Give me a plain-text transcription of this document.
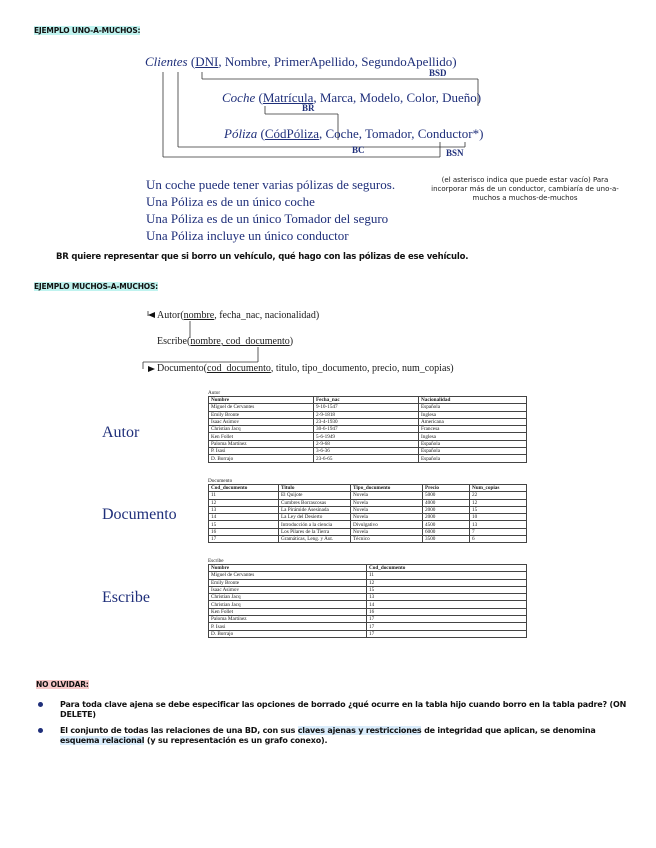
EJEMPLO UNO-A-MUCHOS:
Clientes (DNI, Nombre, PrimerApellido, SegundoApellido)
BSD
Coche (Matrícula, Marca, Modelo, Color, Dueño)
BR
Póliza (CódPóliza, Coche, Tomador, Conductor*)
BC	BSN
Un coche puede tener varias pólizas de seguros.
Una Póliza es de un único coche
Una Póliza es de un único Tomador del seguro
Una Póliza incluye un único conductor
(el asterisco indica que puede estar vacío) Para incorporar más de un conductor, cambiaría de uno-a-muchos a muchos-de-muchos
BR quiere representar que si borro un vehículo, qué hago con las pólizas de ese vehículo.
EJEMPLO MUCHOS-A-MUCHOS:
Autor(nombre, fecha_nac, nacionalidad)
Escribe(nombre, cod_documento)
Documento(cod_documento, titulo, tipo_documento, precio, num_copias)
Autor
Documento
Escribe
Autor
Nombre	Fecha_nac	Nacionalidad
Miguel de Cervantes	9-10-1547	Española
Emily Bronte	2-9-1818	Inglesa
Isaac Asimov	23-4-1930	Americana
Christian Jacq	30-6-1947	Francesa
Ken Follet	5-6-1949	Inglesa
Paloma Martínez	2-9-68	Española
P. Isasi	3-6-36	Española
D. Borrajo	23-6-65	Española
Documento
Cod_documento	Titulo	Tipo_documento	Precio	Num_copias
11	El Quijote	Novela	5000	22
12	Cumbres Borrascosas	Novela	4000	12
13	La Pirámide Asesinada	Novela	2000	15
14	La Ley del Desierto	Novela	2000	10
15	Introducción a la ciencia	Divulgativo	4500	13
16	Los Pilares de la Tierra	Novela	6000	7
17	Gramáticas, Leng. y Aut.	Técnico	3500	6
Escribe
Nombre	Cod_documento
Miguel de Cervantes	11
Emily Bronte	12
Isaac Asimov	15
Christian Jacq	13
Christian Jacq	14
Ken Follet	16
Paloma Martínez	17
P. Isasi	17
D. Borrajo	17
NO OLVIDAR:
Para toda clave ajena se debe especificar las opciones de borrado ¿qué ocurre en la tabla hijo cuando borro en la tabla padre? (ON DELETE)
El conjunto de todas las relaciones de una BD, con sus claves ajenas y restricciones de integridad que aplican, se denomina esquema relacional (y su representación es un grafo conexo).
